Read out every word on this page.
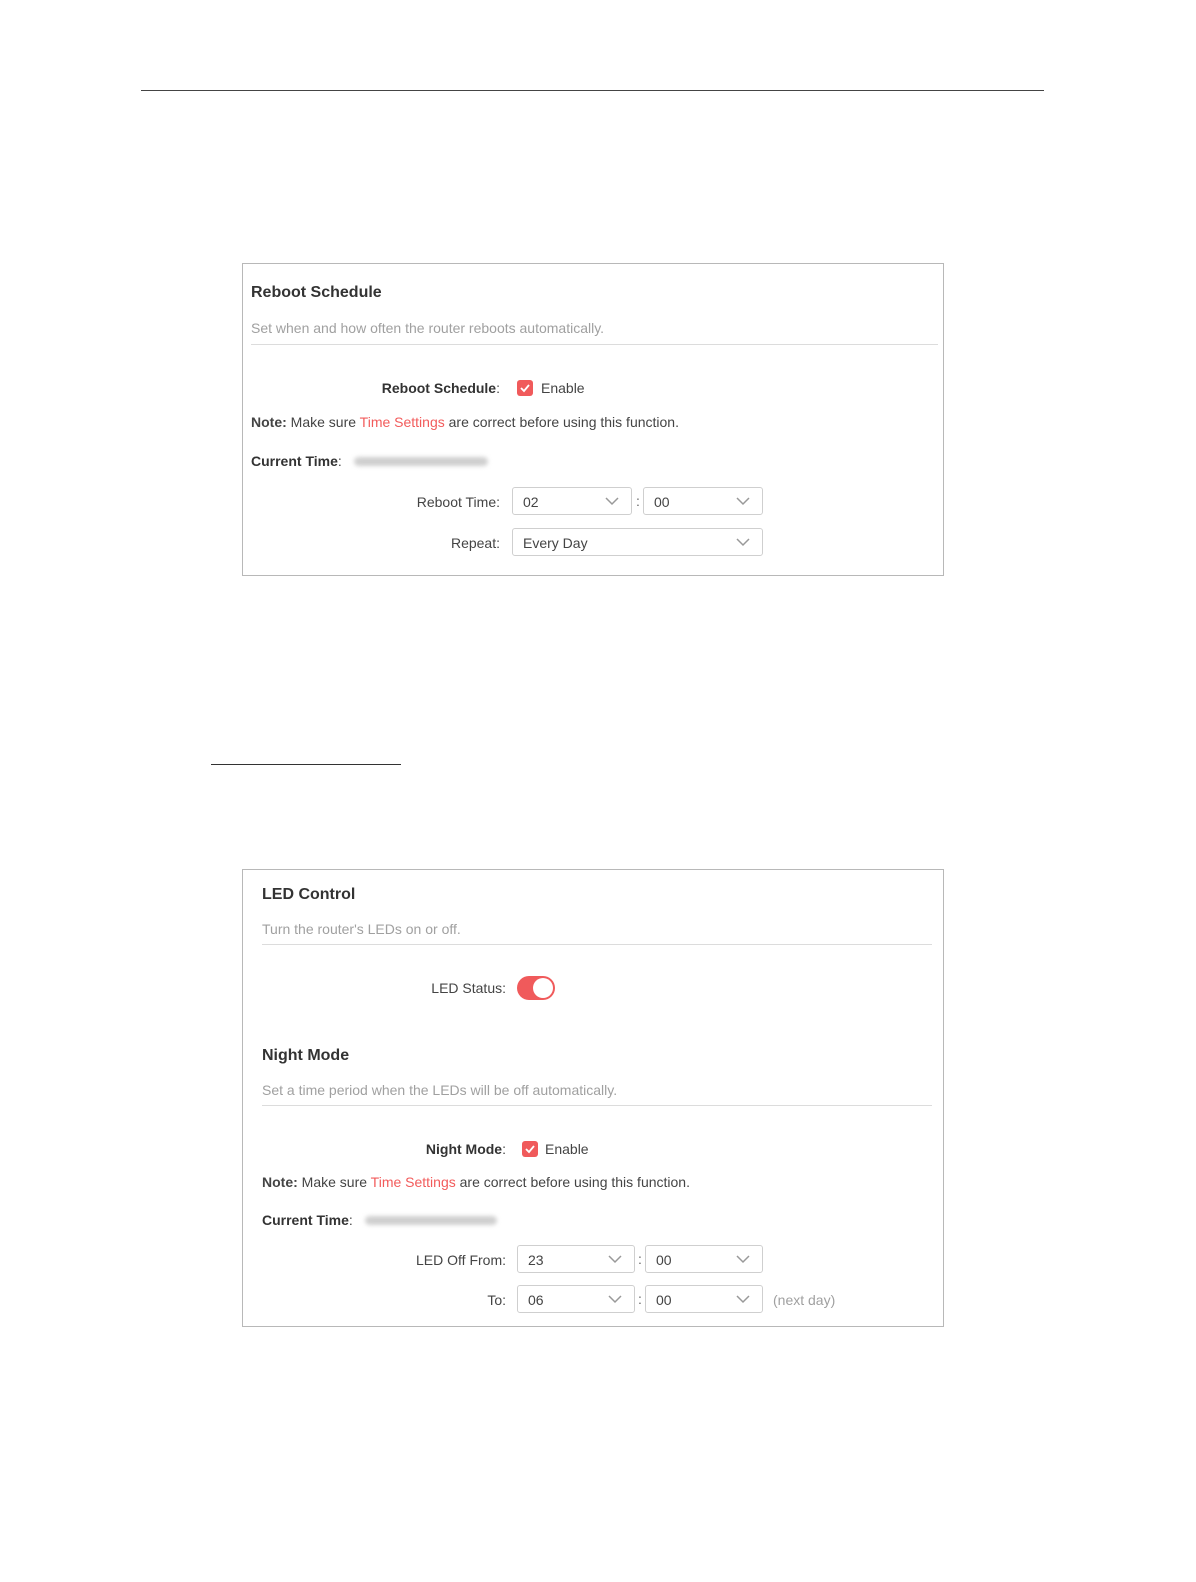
Reboot Schedule
Set when and how often the router reboots automatically.
Reboot Schedule:	Enable
Note: Make sure Time Settings are correct before using this function.
Current Time:
Reboot Time: 02	: 00
Repeat: Every Day
LED Control
Turn the router's LEDs on or off.
LED Status:
Night Mode
Set a time period when the LEDs will be off automatically.
Night Mode:	Enable
Note: Make sure Time Settings are correct before using this function.
Current Time:
LED Off From: 23	: 00
To: 06	: 00	(next day)
